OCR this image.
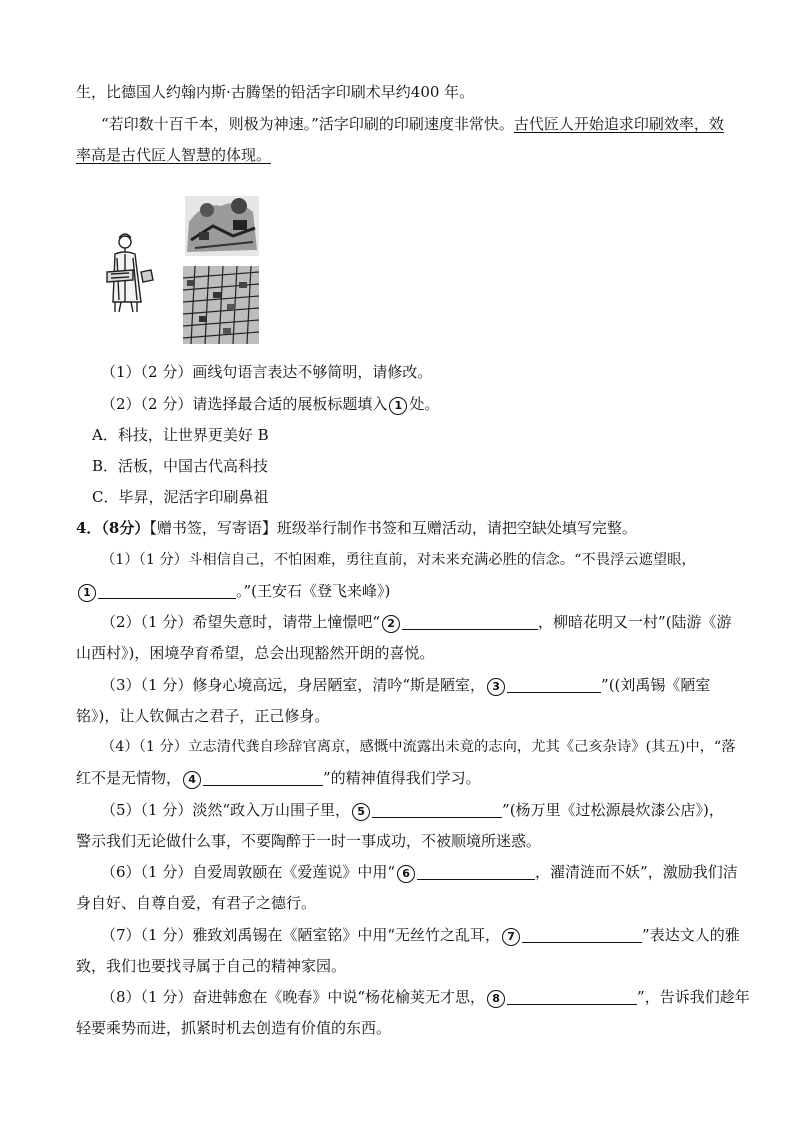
生，比德国人约翰内斯·古腾堡的铅活字印刷术早约400 年。
“若印数十百千本，则极为神速。”活字印刷的印刷速度非常快。古代匠人开始追求印刷效率，效
率高是古代匠人智慧的体现。
（1）（2 分）画线句语言表达不够简明，请修改。
（2）（2 分）请选择最合适的展板标题填入 1 处。
A．科技，让世界更美好 B
B．活板，中国古代高科技
C．毕昇，泥活字印刷鼻祖
4．（8分）【赠书签，写寄语】班级举行制作书签和互赠活动，请把空缺处填写完整。
（1）（1 分）斗相信自己，不怕困难，勇往直前，对未来充满必胜的信念。“不畏浮云遮望眼，
1	。”(王安石《登飞来峰》)
（2）（1 分）希望失意时，请带上憧憬吧“ 2	，柳暗花明又一村”(陆游《游
山西村》)，困境孕育希望，总会出现豁然开朗的喜悦。
（3）（1 分）修身心境高远，身居陋室，清吟“斯是陋室， 3	”((刘禹锡《陋室
铭》)，让人钦佩古之君子，正己修身。
（4）（1 分）立志清代龚自珍辞官离京，感慨中流露出未竟的志向，尤其《己亥杂诗》(其五)中，“落
红不是无情物， 4	”的精神值得我们学习。
（5）（1 分）淡然“政入万山围子里， 5	”(杨万里《过松源晨炊漆公店》)，
警示我们无论做什么事，不要陶醉于一时一事成功，不被顺境所迷惑。
（6）（1 分）自爱周敦颐在《爱莲说》中用“ 6	，濯清涟而不妖”，激励我们洁
身自好、自尊自爱，有君子之德行。
（7）（1 分）雅致刘禹锡在《陋室铭》中用“无丝竹之乱耳， 7	”表达文人的雅
致，我们也要找寻属于自己的精神家园。
（8）（1 分）奋进韩愈在《晚春》中说“杨花榆荚无才思， 8	”，告诉我们趁年
轻要乘势而进，抓紧时机去创造有价值的东西。
